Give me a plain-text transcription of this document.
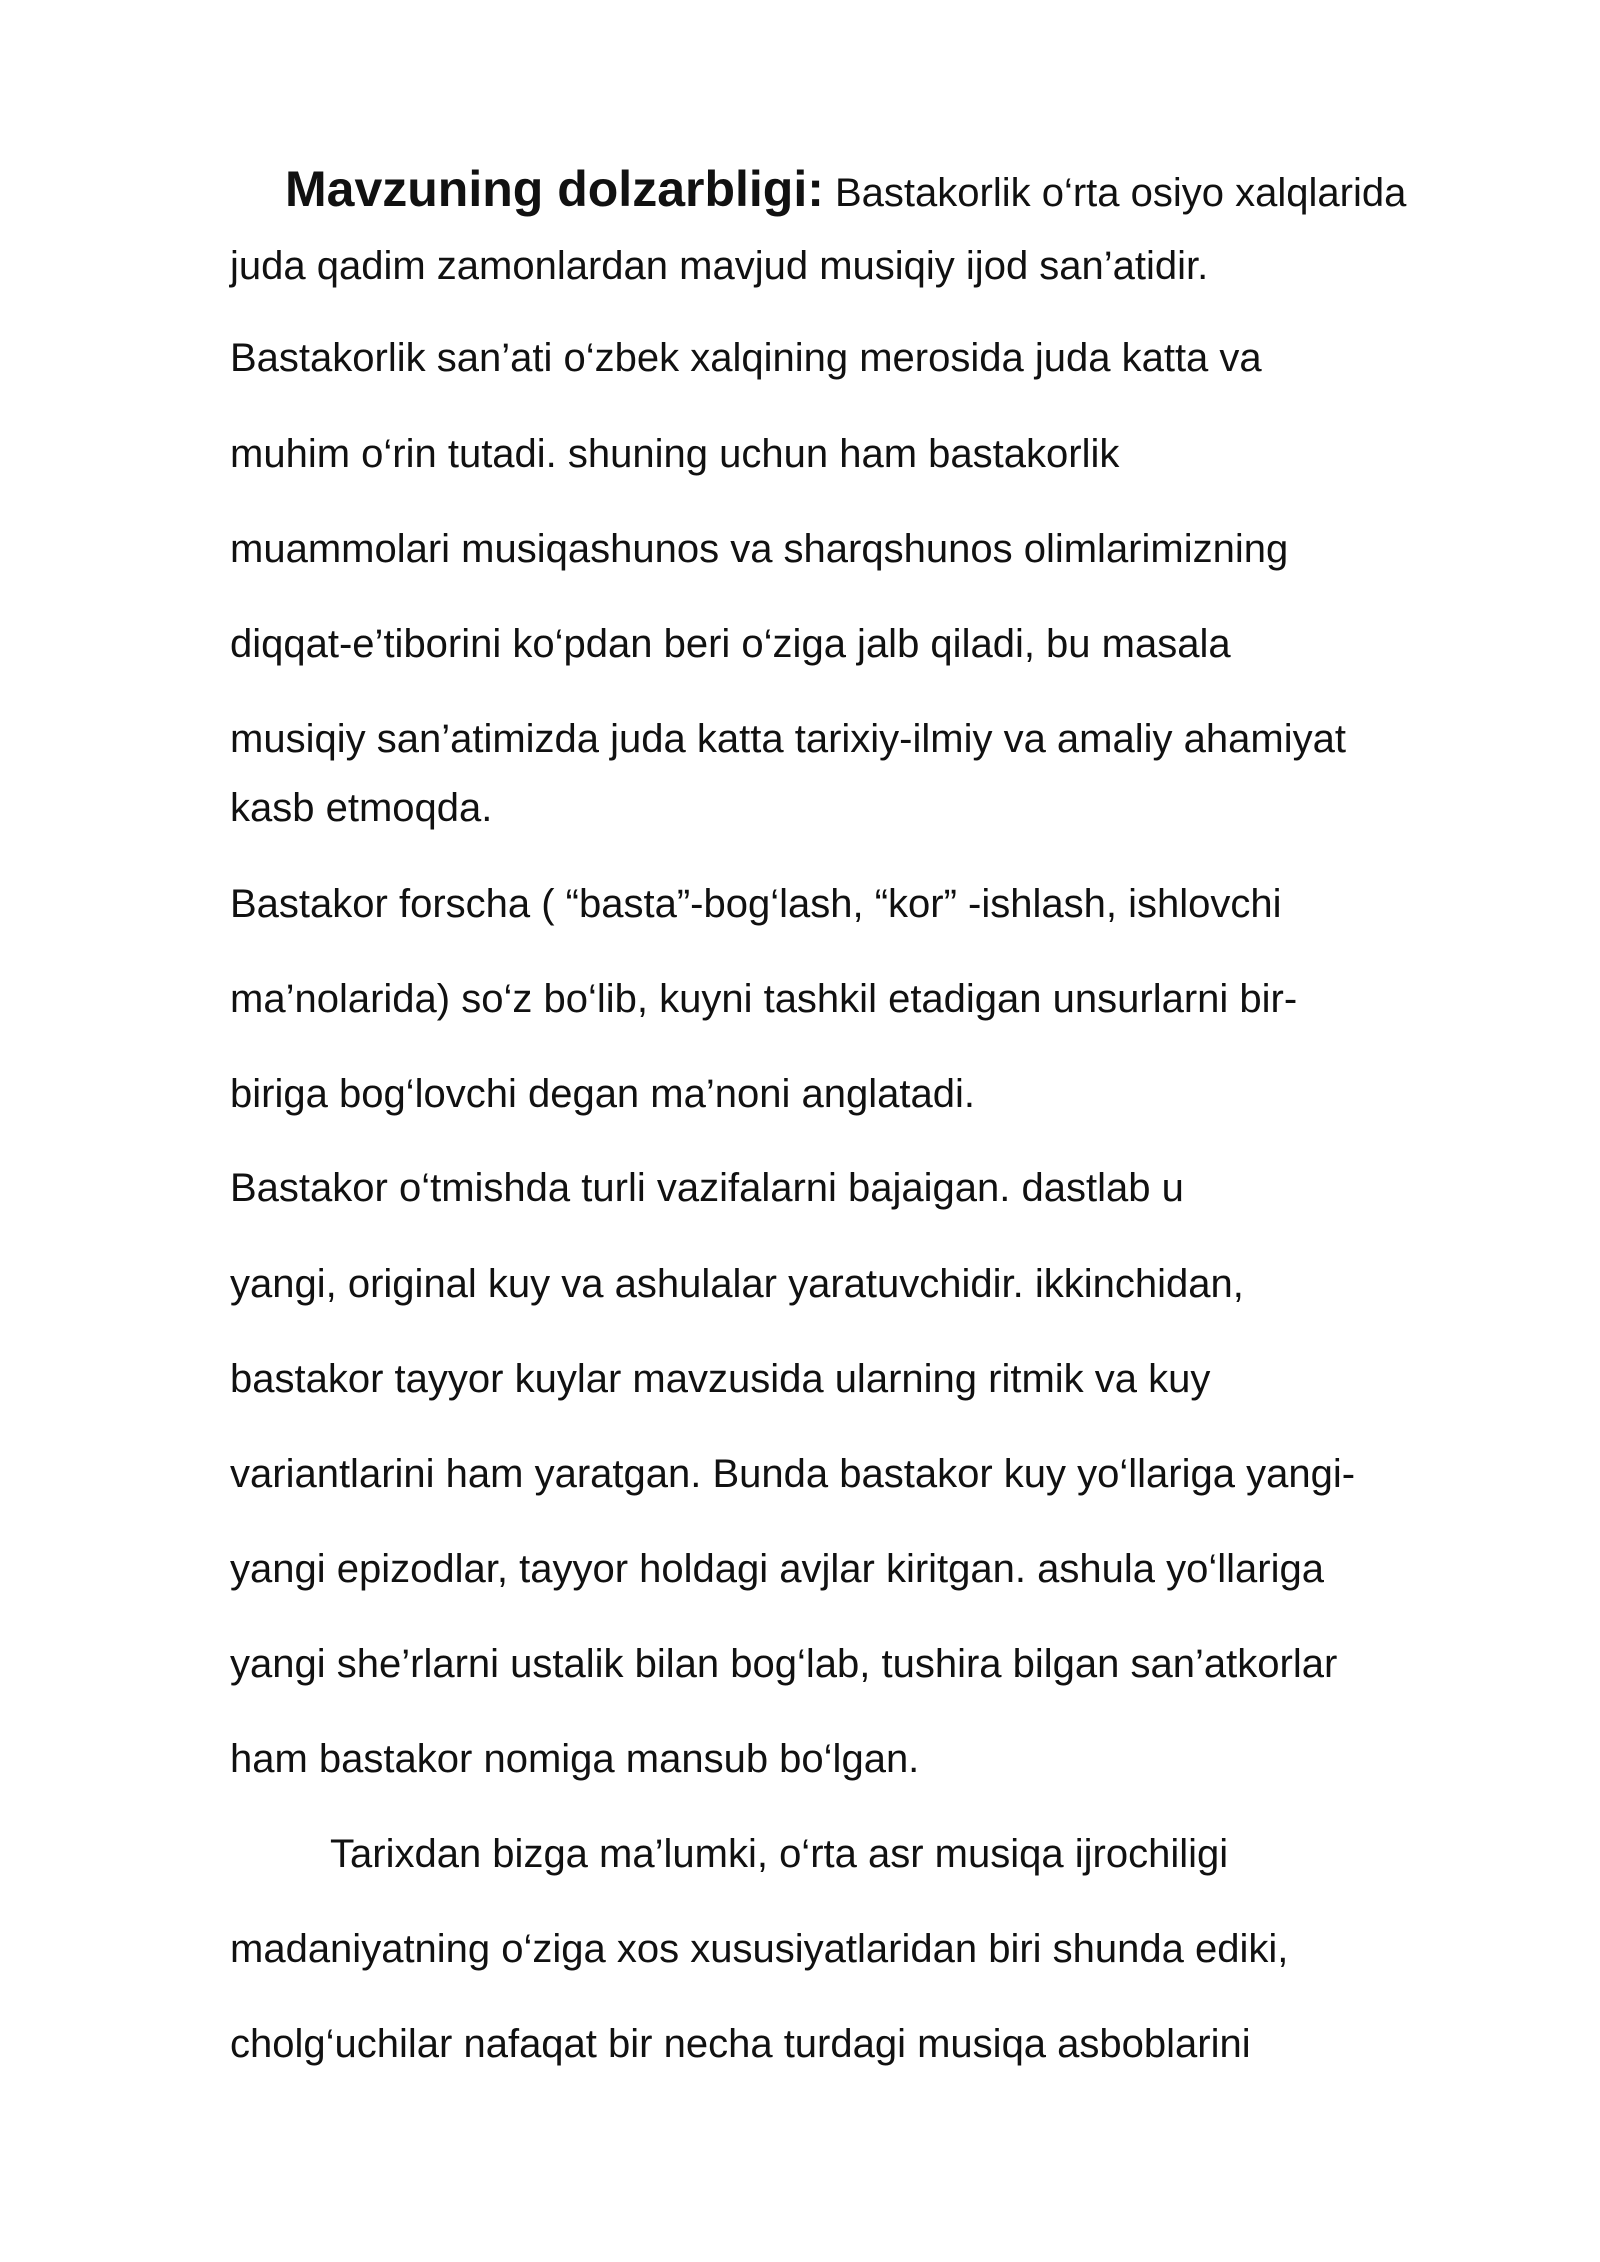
Mavzuning dolzarbligi: Bastakorlik o‘rta osiyo xalqlarida
juda qadim zamonlardan mavjud musiqiy ijod san’atidir.
Bastakorlik san’ati o‘zbek xalqining merosida juda katta va
muhim o‘rin tutadi. shuning uchun ham bastakorlik
muammolari musiqashunos va sharqshunos olimlarimizning
diqqat-e’tiborini ko‘pdan beri o‘ziga jalb qiladi, bu masala
musiqiy san’atimizda juda katta tarixiy-ilmiy va amaliy ahamiyat
kasb etmoqda.
Bastakor forscha ( “basta”-bog‘lash, “kor” -ishlash, ishlovchi
ma’nolarida) so‘z bo‘lib, kuyni tashkil etadigan unsurlarni bir-
biriga bog‘lovchi degan ma’noni anglatadi.
Bastakor o‘tmishda turli vazifalarni bajaigan. dastlab u
yangi, original kuy va ashulalar yaratuvchidir. ikkinchidan,
bastakor tayyor kuylar mavzusida ularning ritmik va kuy
variantlarini ham yaratgan. Bunda bastakor kuy yo‘llariga yangi-
yangi epizodlar, tayyor holdagi avjlar kiritgan. ashula yo‘llariga
yangi she’rlarni ustalik bilan bog‘lab, tushira bilgan san’atkorlar
ham bastakor nomiga mansub bo‘lgan.
Tarixdan bizga ma’lumki, o‘rta asr musiqa ijrochiligi
madaniyatning o‘ziga xos xususiyatlaridan biri shunda ediki,
cholg‘uchilar nafaqat bir necha turdagi musiqa asboblarini
